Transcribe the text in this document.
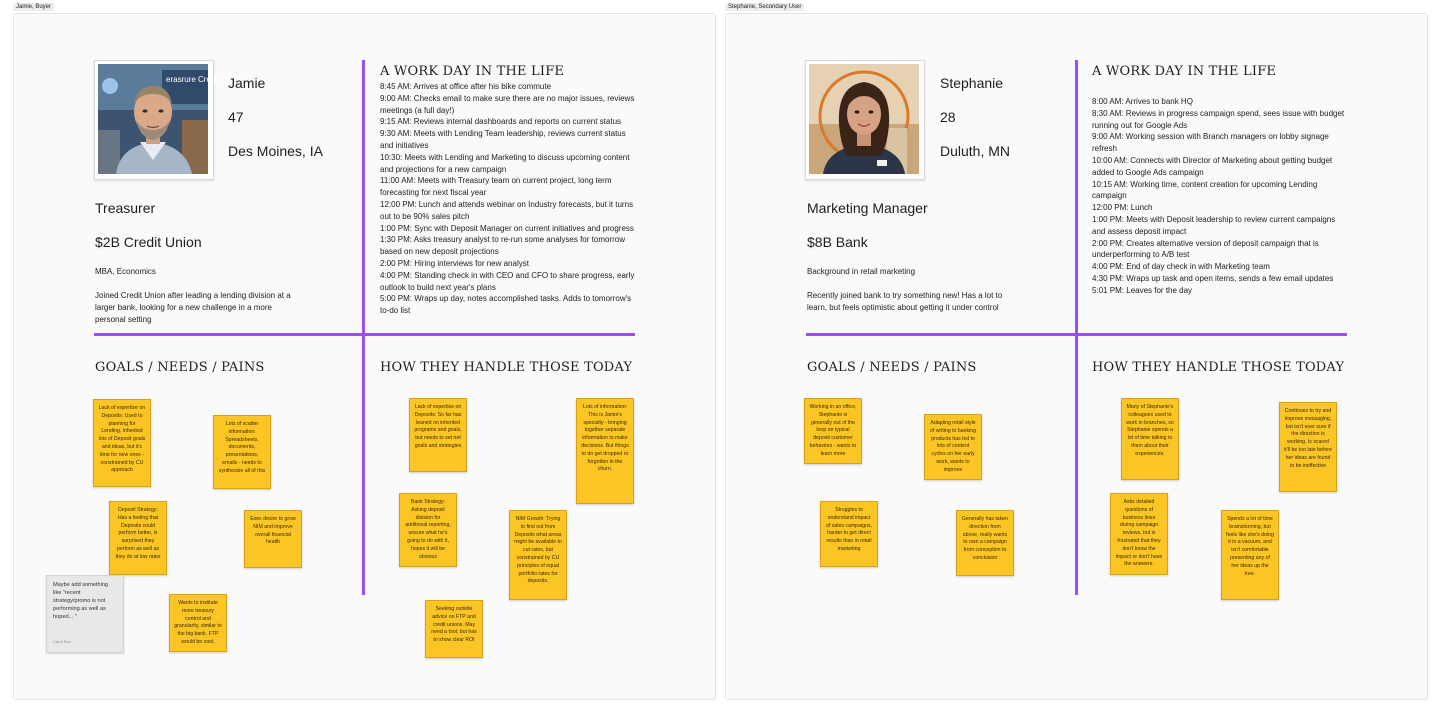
Jamie, Buyer
erasrure Credit Union
Jamie
47
Des Moines, IA
Treasurer
$2B Credit Union
MBA, Economics
Joined Credit Union after leading a lending division at a larger bank, looking for a new challenge in a more personal setting
A WORK DAY IN THE LIFE
8:45 AM: Arrives at office after his bike commute
9:00 AM: Checks email to make sure there are no major issues, reviews meetings (a full day!)
9:15 AM: Reviews internal dashboards and reports on current status
9:30 AM: Meets with Lending Team leadership, reviews current status and initiatives
10:30: Meets with Lending and Marketing to discuss upcoming content and projections for a new campaign
11:00 AM: Meets with Treasury team on current project, long term forecasting for next fiscal year
12:00 PM: Lunch and attends webinar on Industry forecasts, but it turns out to be 90% sales pitch
1:00 PM: Sync with Deposit Manager on current initiatives and progress
1:30 PM: Asks treasury analyst to re-run some analyses for tomorrow based on new deposit projections
2:00 PM: Hiring interviews for new analyst
4:00 PM: Standing check in with CEO and CFO to share progress, early outlook to build next year's plans
5:00 PM: Wraps up day, notes accomplished tasks. Adds to tomorrow's to-do list
GOALS / NEEDS / PAINS	HOW THEY HANDLE THOSE TODAY
Lack of expertise on Deposits: Used to planning for Lending, inherited lots of Deposit goals and ideas, but it's time for new ones - constrained by CU approach
Lots of scatter information: Spreadsheets, documents, presentations, emails - needs to synthesize all of this
Deposit Strategy: Has a feeling that Deposits could perform better, is surprised they perform as well as they do at low rates
Exec desire to grow NIM and improve overall financial health
Wants to institute more treasury control and granularity, similar to the big bank. FTP would be cool.
Lack of expertise on Deposits: So far has leaned on inherited programs and goals, but needs to set net goals and strategies
Lots of information: This is Jamie's specialty - bringing together separate information to make decisions. But things to do get dropped or forgotten in the churn.
Bank Strategy: Asking deposit division for additional reporting, unsure what he's going to do with it, hopes it will be obvious
NIM Growth: Trying to find out from Deposits what areas might be available to cut rates, but constrained by CU principles of equal portfolio rates for deposits.
Seeking outside advice on FTP and credit unions. May need a tool, but has to show clear ROI
Maybe add something like "recent strategy/promo is not performing as well as hoped... "
Carol Sun
Stephanie, Secondary User
Stephanie
28
Duluth, MN
Marketing Manager
$8B Bank
Background in retail marketing
Recently joined bank to try something new! Has a lot to learn, but feels optimistic about getting it under control
A WORK DAY IN THE LIFE
8:00 AM: Arrives to bank HQ
8:30 AM: Reviews in progress campaign spend, sees issue with budget running out for Google Ads
9:00 AM: Working session with Branch managers on lobby signage refresh
10:00 AM: Connects with Director of Marketing about getting budget added to Google Ads campaign
10:15 AM: Working time, content creation for upcoming Lending campaign
12:00 PM: Lunch
1:00 PM: Meets with Deposit leadership to review current campaigns and assess deposit impact
2:00 PM: Creates alternative version of deposit campaign that is underperforming to A/B test
4:00 PM: End of day check in with Marketing team
4:30 PM: Wraps up task and open items, sends a few email updates
5:01 PM: Leaves for the day
GOALS / NEEDS / PAINS	HOW THEY HANDLE THOSE TODAY
Working in an office, Stephanie is generally out of the loop on typical deposit customer behaviors - wants to learn more
Adapting retail style of writing to banking products has led to lots of content cycles on her early work, wants to improve
Struggles to understand impact of sales campaigns, harder to get direct results than in retail marketing
Generally has taken direction from above, really wants to own a campaign from conception to conclusion
Many of Stephanie's colleagues used to work in branches, so Stephanie spends a lot of time talking to them about their experiences.
Continues to try and improve messaging, but isn't ever sure if the direction is working. Is scared it'll be too late before her ideas are found to be ineffective
Asks detailed questions of business lines during campaign reviews, but is frustrated that they don't know the impact or don't have the answers.
Spends a lot of time brainstorming, but feels like she's doing it in a vacuum, and isn't comfortable presenting any of her ideas up the tree.
